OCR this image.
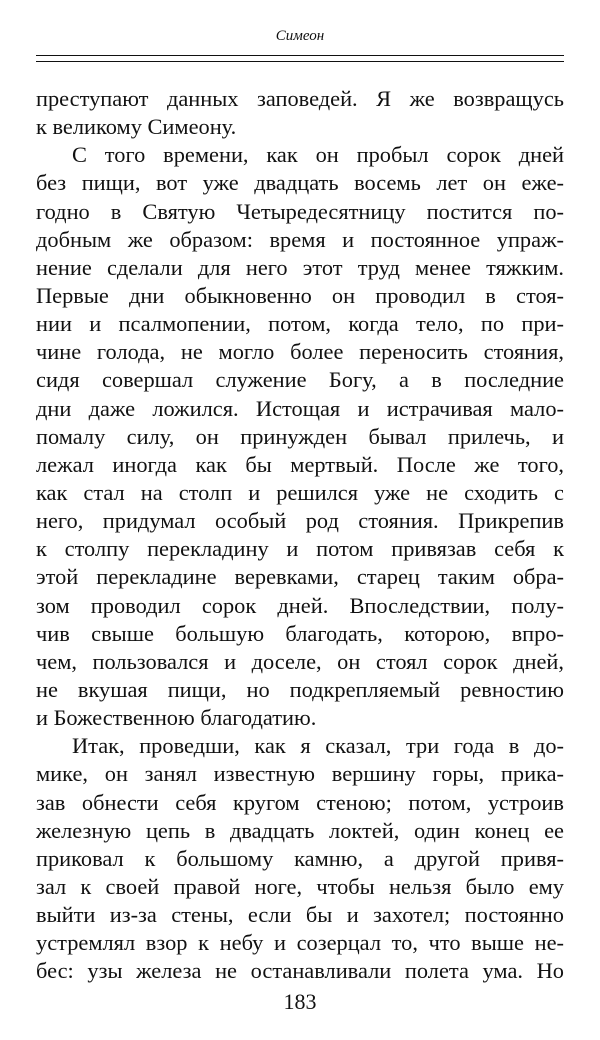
Симеон
преступают данных заповедей. Я же возвращусь
к великому Симеону.
С того времени, как он пробыл сорок дней
без пищи, вот уже двадцать восемь лет он еже-
годно в Святую Четыредесятницу постится по-
добным же образом: время и постоянное упраж-
нение сделали для него этот труд менее тяжким.
Первые дни обыкновенно он проводил в стоя-
нии и псалмопении, потом, когда тело, по при-
чине голода, не могло более переносить стояния,
сидя совершал служение Богу, а в последние
дни даже ложился. Истощая и истрачивая мало-
помалу силу, он принужден бывал прилечь, и
лежал иногда как бы мертвый. После же того,
как стал на столп и решился уже не сходить с
него, придумал особый род стояния. Прикрепив
к столпу перекладину и потом привязав себя к
этой перекладине веревками, старец таким обра-
зом проводил сорок дней. Впоследствии, полу-
чив свыше большую благодать, которою, впро-
чем, пользовался и доселе, он стоял сорок дней,
не вкушая пищи, но подкрепляемый ревностию
и Божественною благодатию.
Итак, проведши, как я сказал, три года в до-
мике, он занял известную вершину горы, прика-
зав обнести себя кругом стеною; потом, устроив
железную цепь в двадцать локтей, один конец ее
приковал к большому камню, а другой привя-
зал к своей правой ноге, чтобы нельзя было ему
выйти из-за стены, если бы и захотел; постоянно
устремлял взор к небу и созерцал то, что выше не-
бес: узы железа не останавливали полета ума. Но
183
